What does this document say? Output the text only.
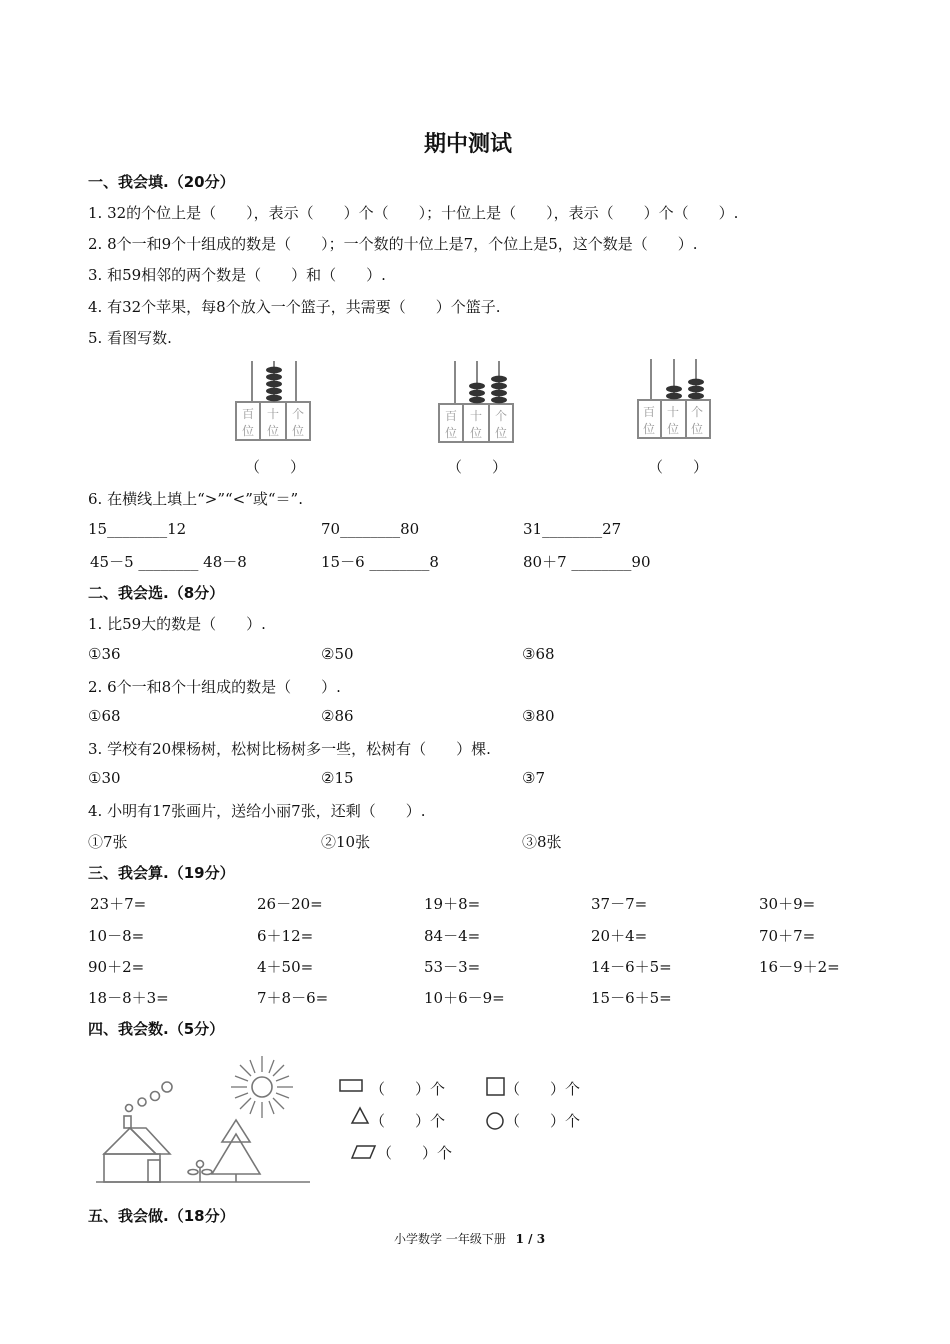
期中测试
一、我会填.（20分）
1. 32的个位上是（　　），表示（　　）个（　　）；十位上是（　　），表示（　　）个（　　）.
2. 8个一和9个十组成的数是（　　）；一个数的十位上是7，个位上是5，这个数是（　　）.
3. 和59相邻的两个数是（　　）和（　　）.
4. 有32个苹果，每8个放入一个篮子，共需要（　　）个篮子.
5. 看图写数.
百
位
十
位
个
位
百
位
十
位
个
位
百
位
十
位
个
位
（　　）	（　　）	（　　）
6. 在横线上填上“>”“<”或“＝”.
15________12	70________80	31________27
45－5 ________ 48－8	15－6 ________8	80＋7 ________90
二、我会选.（8分）
1. 比59大的数是（　　）.
①36	②50	③68
2. 6个一和8个十组成的数是（　　）.
①68	②86	③80
3. 学校有20棵杨树，松树比杨树多一些，松树有（　　）棵.
①30	②15	③7
4. 小明有17张画片，送给小丽7张，还剩（　　）.
①7张	②10张	③8张
三、我会算.（19分）
23＋7=	26－20=	19＋8=	37－7=	30＋9=
10－8=	6＋12=	84－4=	20＋4=	70＋7=
90＋2=	4＋50=	53－3=	14－6＋5=	16－9＋2=
18－8＋3=	7＋8－6=	10＋6－9=	15－6＋5=
四、我会数.（5分）
（　　）个	（　　）个
（　　）个	（　　）个
（　　）个
五、我会做.（18分）
小学数学 一年级下册 1 / 3
